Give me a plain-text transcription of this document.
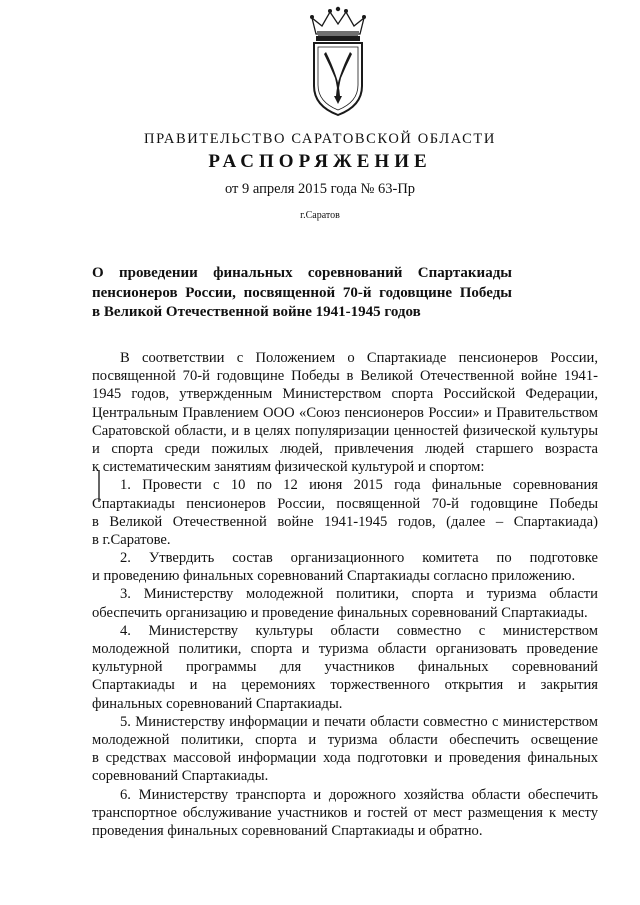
ПРАВИТЕЛЬСТВО САРАТОВСКОЙ ОБЛАСТИ
РАСПОРЯЖЕНИЕ
от 9 апреля 2015 года № 63-Пр
г.Саратов
О проведении финальных соревнований Спартакиады
пенсионеров России, посвященной 70-й годовщине Победы
в Великой Отечественной войне 1941-1945 годов
В соответствии с Положением о Спартакиаде пенсионеров России,
посвященной 70-й годовщине Победы в Великой Отечественной войне 1941-
1945 годов, утвержденным Министерством спорта Российской Федерации,
Центральным Правлением ООО «Союз пенсионеров России» и Правительством
Саратовской области, и в целях популяризации ценностей физической культуры
и спорта среди пожилых людей, привлечения людей старшего возраста
к систематическим занятиям физической культурой и спортом:
1. Провести с 10 по 12 июня 2015 года финальные соревнования
Спартакиады пенсионеров России, посвященной 70-й годовщине Победы
в Великой Отечественной войне 1941-1945 годов, (далее – Спартакиада)
в г.Саратове.
2. Утвердить состав организационного комитета по подготовке
и проведению финальных соревнований Спартакиады согласно приложению.
3. Министерству молодежной политики, спорта и туризма области
обеспечить организацию и проведение финальных соревнований Спартакиады.
4. Министерству культуры области совместно с министерством
молодежной политики, спорта и туризма области организовать проведение
культурной программы для участников финальных соревнований
Спартакиады и на церемониях торжественного открытия и закрытия
финальных соревнований Спартакиады.
5. Министерству информации и печати области совместно с министерством
молодежной политики, спорта и туризма области обеспечить освещение
в средствах массовой информации хода подготовки и проведения финальных
соревнований Спартакиады.
6. Министерству транспорта и дорожного хозяйства области обеспечить
транспортное обслуживание участников и гостей от мест размещения к месту
проведения финальных соревнований Спартакиады и обратно.
